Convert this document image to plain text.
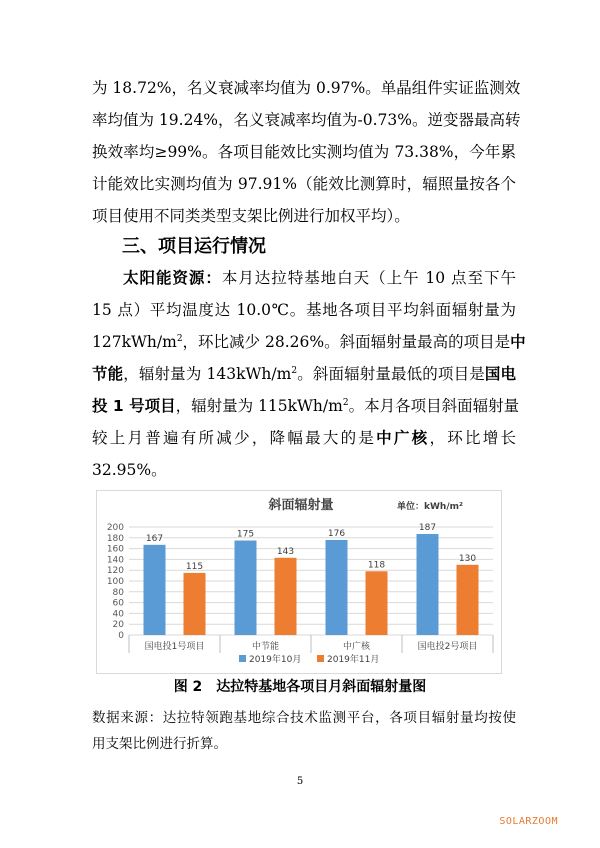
为 18.72%，名义衰减率均值为 0.97%。单晶组件实证监测效
率均值为 19.24%，名义衰减率均值为-0.73%。逆变器最高转
换效率均≥99%。各项目能效比实测均值为 73.38%，今年累
计能效比实测均值为 97.91%（能效比测算时，辐照量按各个
项目使用不同类类型支架比例进行加权平均）。

三、项目运行情况

太阳能资源：本月达拉特基地白天（上午 10 点至下午
15 点）平均温度达 10.0℃。基地各项目平均斜面辐射量为
$127kWh/m^2$，环比减少 28.26%。斜面辐射量最高的项目是中
节能，辐射量为 $143kWh/m^2$。斜面辐射量最低的项目是国电
投 1 号项目，辐射量为 $115kWh/m^2$。本月各项目斜面辐射量
较上月普遍有所减少，降幅最大的是中广核，环比增长
32.95%。
斜面辐射量	单位：kWh/m²
0
20
40
60
80
100
120
140
160
180
200
167
115
国电投1号项目
175
143
中节能
176
118
中广核
187
130
国电投2号项目
2019年10月	2019年11月

图 2　达拉特基地各项目月斜面辐射量图

数据来源：达拉特领跑基地综合技术监测平台，各项目辐射量均按使
用支架比例进行折算。
5
SOLARZOOM
